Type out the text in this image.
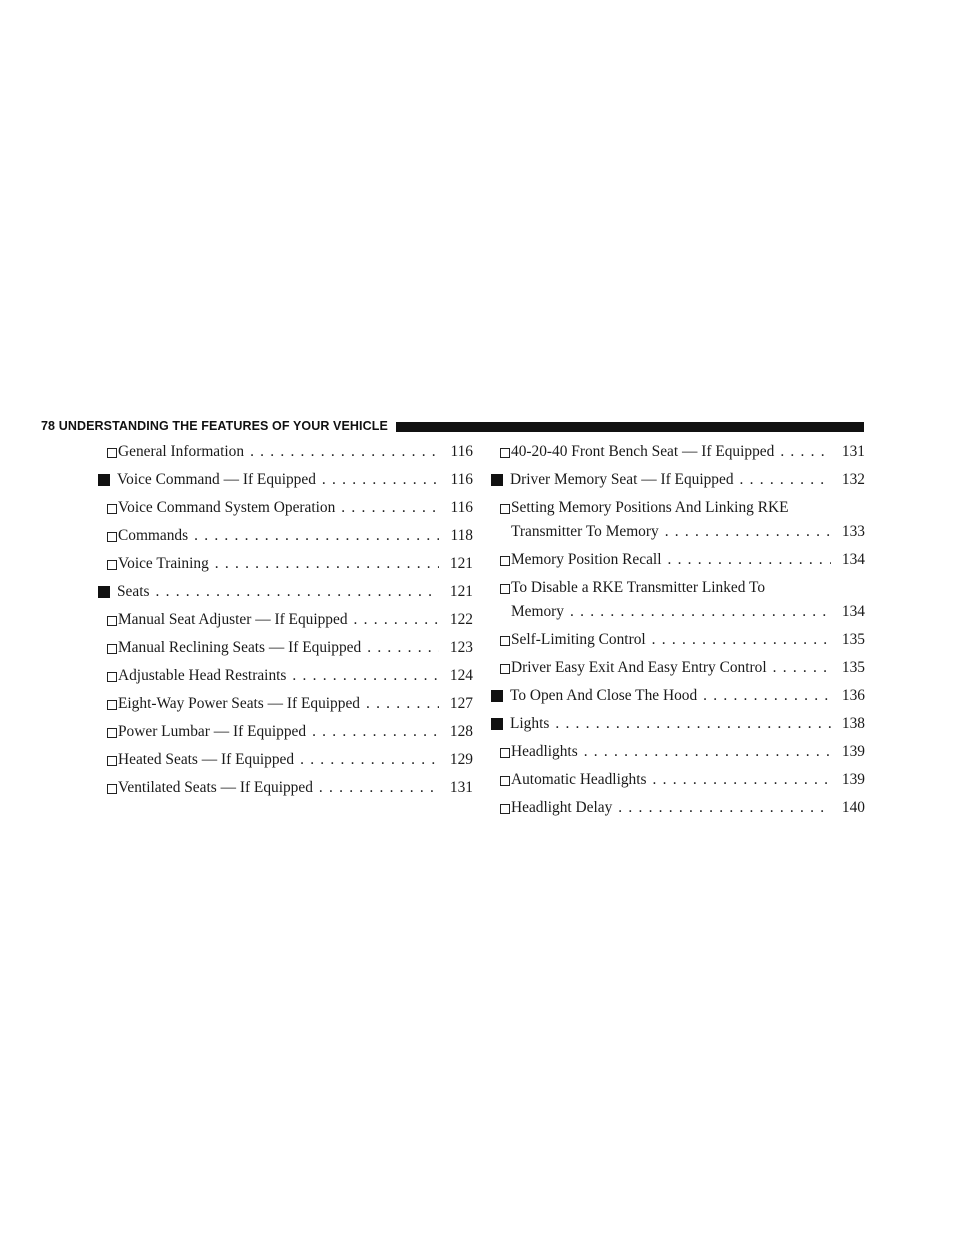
78 UNDERSTANDING THE FEATURES OF YOUR VEHICLE
General Information . . .	116
Voice Command — If Equipped . . .	116
Voice Command System Operation . . .	116
Commands . . .	118
Voice Training . . .	121
Seats . . .	121
Manual Seat Adjuster — If Equipped . . .	122
Manual Reclining Seats — If Equipped . . .	123
Adjustable Head Restraints . . .	124
Eight-Way Power Seats — If Equipped . . .	127
Power Lumbar — If Equipped . . .	128
Heated Seats — If Equipped . . .	129
Ventilated Seats — If Equipped . . .	131
40-20-40 Front Bench Seat — If Equipped . . .	131
Driver Memory Seat — If Equipped . . .	132
Setting Memory Positions And Linking RKE
Transmitter To Memory . . .	133
Memory Position Recall . . .	134
To Disable a RKE Transmitter Linked To
Memory . . .	134
Self-Limiting Control . . .	135
Driver Easy Exit And Easy Entry Control . . .	135
To Open And Close The Hood . . .	136
Lights . . .	138
Headlights . . .	139
Automatic Headlights . . .	139
Headlight Delay . . .	140
